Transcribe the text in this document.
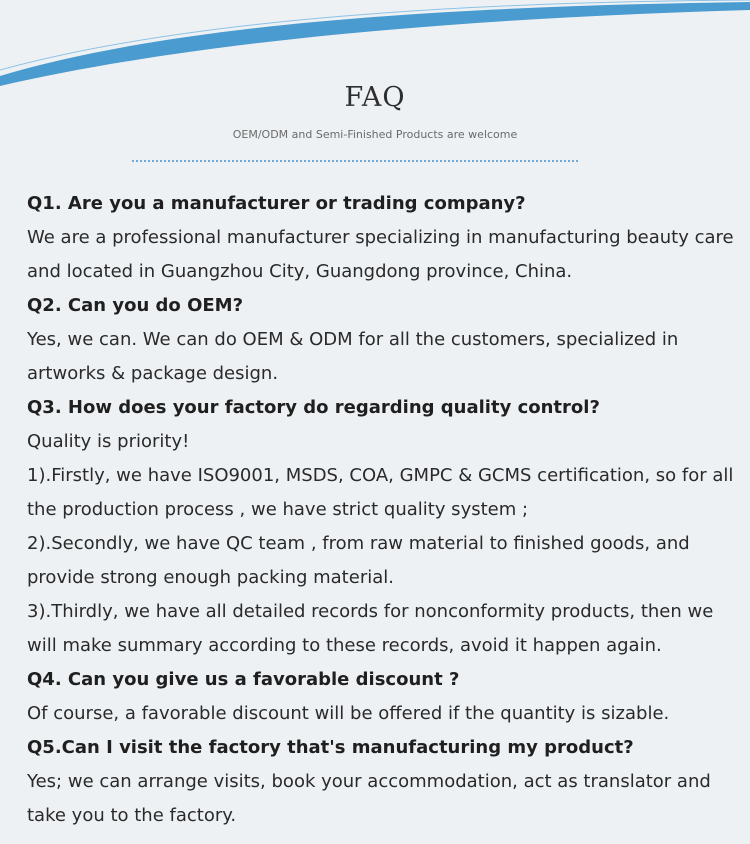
FAQ
OEM/ODM and Semi-Finished Products are welcome

Q1. Are you a manufacturer or trading company?

We are a professional manufacturer specializing in manufacturing beauty care

and located in Guangzhou City, Guangdong province, China.

Q2. Can you do OEM?

Yes, we can. We can do OEM & ODM for all the customers, specialized in

artworks & package design.

Q3. How does your factory do regarding quality control?

Quality is priority!

1).Firstly, we have ISO9001, MSDS, COA, GMPC & GCMS certification, so for all

the production process , we have strict quality system ;

2).Secondly, we have QC team , from raw material to finished goods, and

provide strong enough packing material.

3).Thirdly, we have all detailed records for nonconformity products, then we

will make summary according to these records, avoid it happen again.

Q4. Can you give us a favorable discount ?

Of course, a favorable discount will be offered if the quantity is sizable.

Q5.Can I visit the factory that's manufacturing my product?

Yes; we can arrange visits, book your accommodation, act as translator and

take you to the factory.
